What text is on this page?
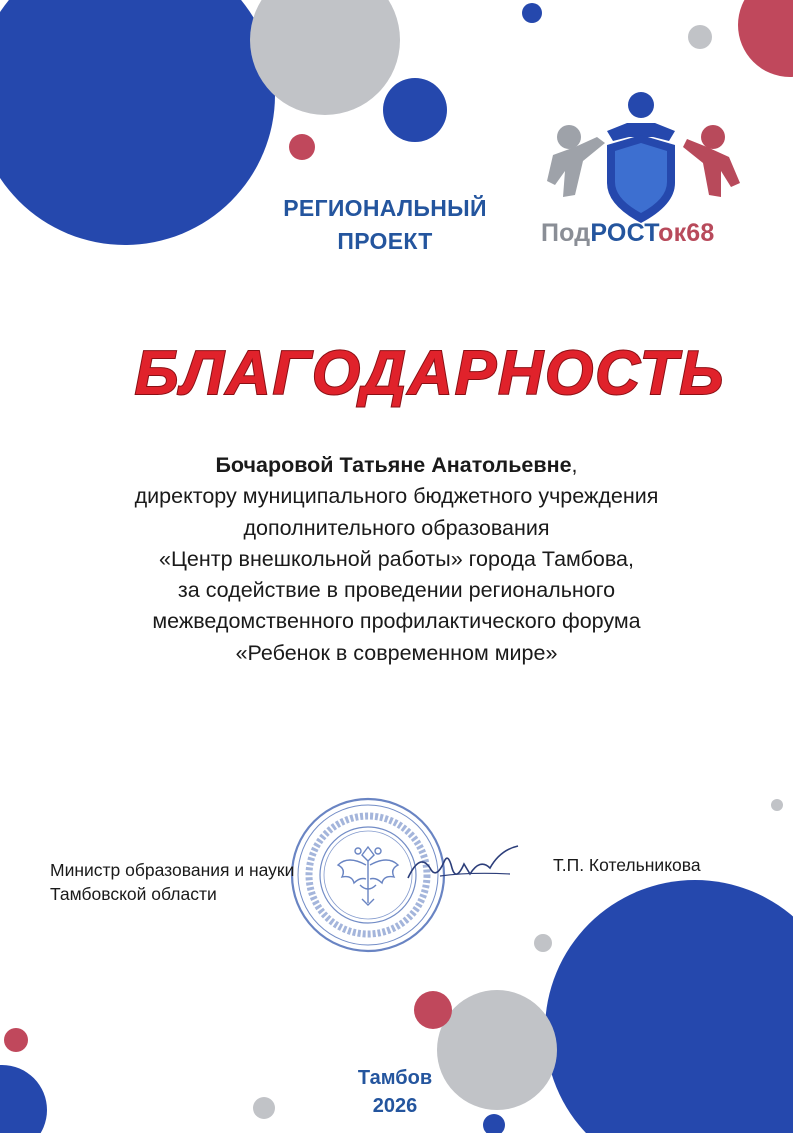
РЕГИОНАЛЬНЫЙ
ПРОЕКТ	ПодРОСТок68
БЛАГОДАРНОСТЬ
Бочаровой Татьяне Анатольевне,
директору муниципального бюджетного учреждения
дополнительного образования
«Центр внешкольной работы» города Тамбова,
за содействие в проведении регионального
межведомственного профилактического форума
«Ребенок в современном мире»
Министр образования и науки
Тамбовской области
Т.П. Котельникова
Тамбов
2026
